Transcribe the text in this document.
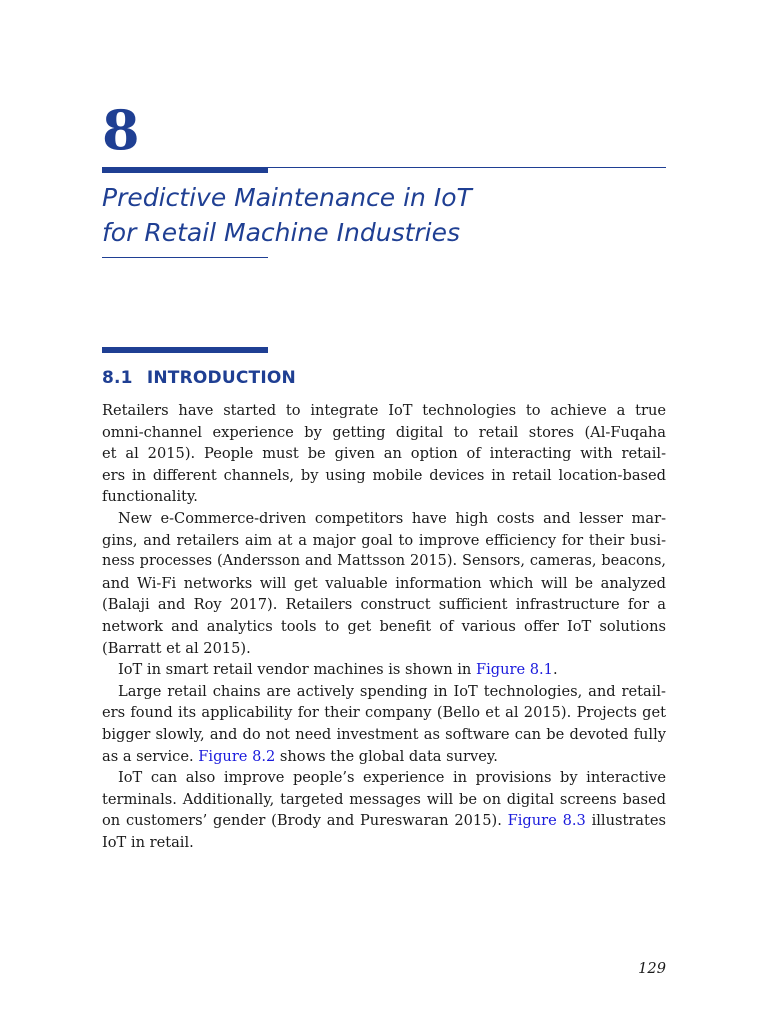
8
Predictive Maintenance in IoT
for Retail Machine Industries
8.1 INTRODUCTION
Retailers have started to integrate IoT technologies to achieve a true
omni-channel experience by getting digital to retail stores (Al-Fuqaha
et al 2015). People must be given an option of interacting with retail-
ers in different channels, by using mobile devices in retail location-based
functionality.
New e-Commerce-driven competitors have high costs and lesser mar-
gins, and retailers aim at a major goal to improve efficiency for their busi-
ness processes (Andersson and Mattsson 2015). Sensors, cameras, beacons,
and Wi-Fi networks will get valuable information which will be analyzed
(Balaji and Roy 2017). Retailers construct sufficient infrastructure for a
network and analytics tools to get benefit of various offer IoT solutions
(Barratt et al 2015).
IoT in smart retail vendor machines is shown in Figure 8.1.
Large retail chains are actively spending in IoT technologies, and retail-
ers found its applicability for their company (Bello et al 2015). Projects get
bigger slowly, and do not need investment as software can be devoted fully
as a service. Figure 8.2 shows the global data survey.
IoT can also improve people’s experience in provisions by interactive
terminals. Additionally, targeted messages will be on digital screens based
on customers’ gender (Brody and Pureswaran 2015). Figure 8.3 illustrates
IoT in retail.
129
